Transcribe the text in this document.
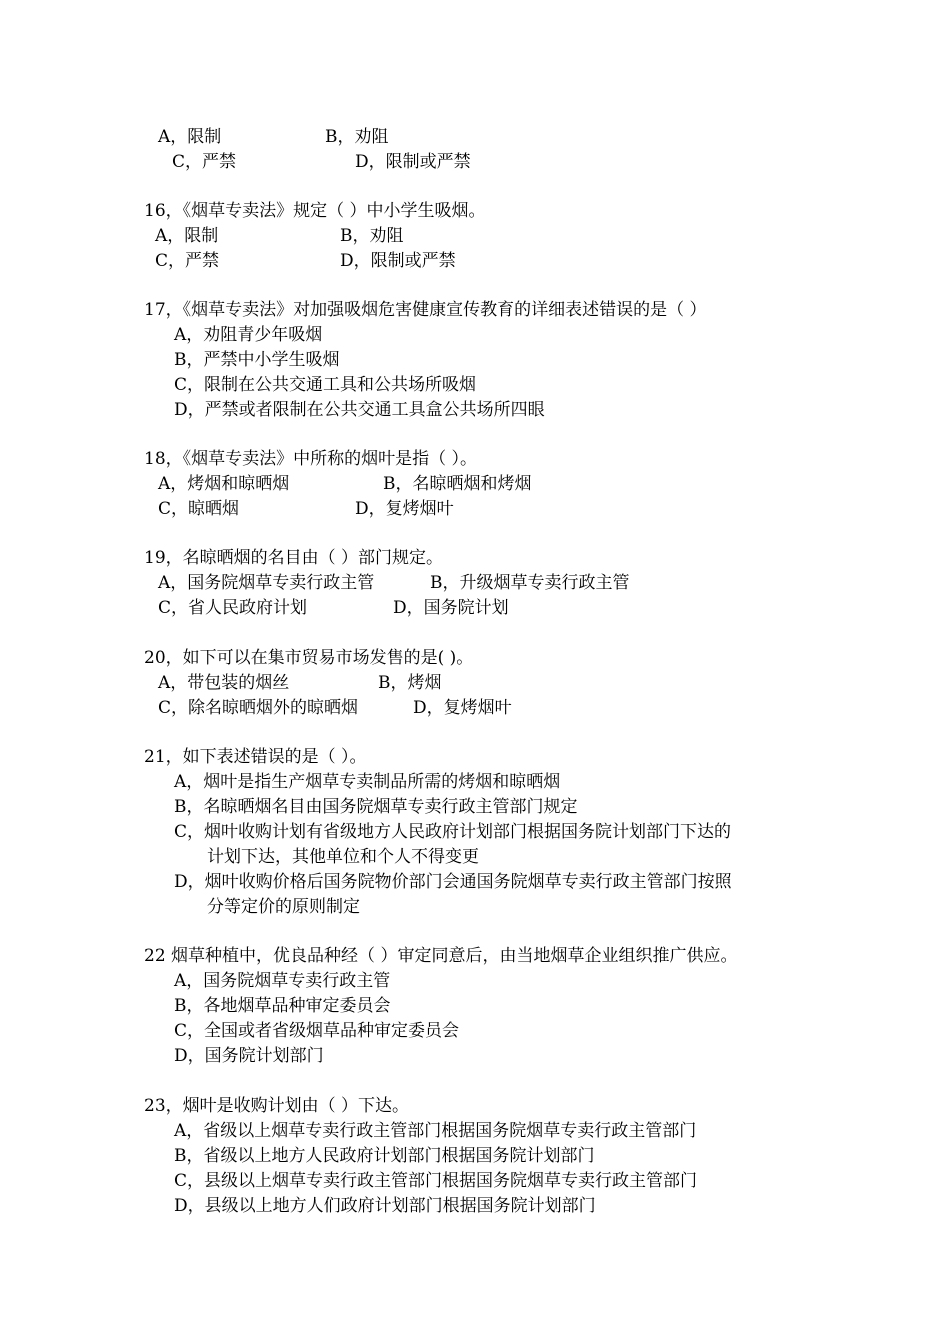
A，限制	B，劝阻
C，严禁	D，限制或严禁
16，《烟草专卖法》规定（ ）中小学生吸烟。
A，限制	B，劝阻
C，严禁	D，限制或严禁
17，《烟草专卖法》对加强吸烟危害健康宣传教育的详细表述错误的是（ ）
A，劝阻青少年吸烟
B，严禁中小学生吸烟
C，限制在公共交通工具和公共场所吸烟
D，严禁或者限制在公共交通工具盒公共场所四眼
18，《烟草专卖法》中所称的烟叶是指（ ）。
A，烤烟和晾晒烟	B，名晾晒烟和烤烟
C，晾晒烟	D，复烤烟叶
19，名晾晒烟的名目由（ ）部门规定。
A，国务院烟草专卖行政主管	B，升级烟草专卖行政主管
C，省人民政府计划	D，国务院计划
20，如下可以在集市贸易市场发售的是( )。
A，带包装的烟丝	B，烤烟
C，除名晾晒烟外的晾晒烟	D，复烤烟叶
21，如下表述错误的是（ ）。
A，烟叶是指生产烟草专卖制品所需的烤烟和晾晒烟
B，名晾晒烟名目由国务院烟草专卖行政主管部门规定
C，烟叶收购计划有省级地方人民政府计划部门根据国务院计划部门下达的
计划下达，其他单位和个人不得变更
D，烟叶收购价格后国务院物价部门会通国务院烟草专卖行政主管部门按照
分等定价的原则制定
22 烟草种植中，优良品种经（ ）审定同意后，由当地烟草企业组织推广供应。
A，国务院烟草专卖行政主管
B，各地烟草品种审定委员会
C，全国或者省级烟草品种审定委员会
D，国务院计划部门
23，烟叶是收购计划由（ ）下达。
A，省级以上烟草专卖行政主管部门根据国务院烟草专卖行政主管部门
B，省级以上地方人民政府计划部门根据国务院计划部门
C，县级以上烟草专卖行政主管部门根据国务院烟草专卖行政主管部门
D，县级以上地方人们政府计划部门根据国务院计划部门
